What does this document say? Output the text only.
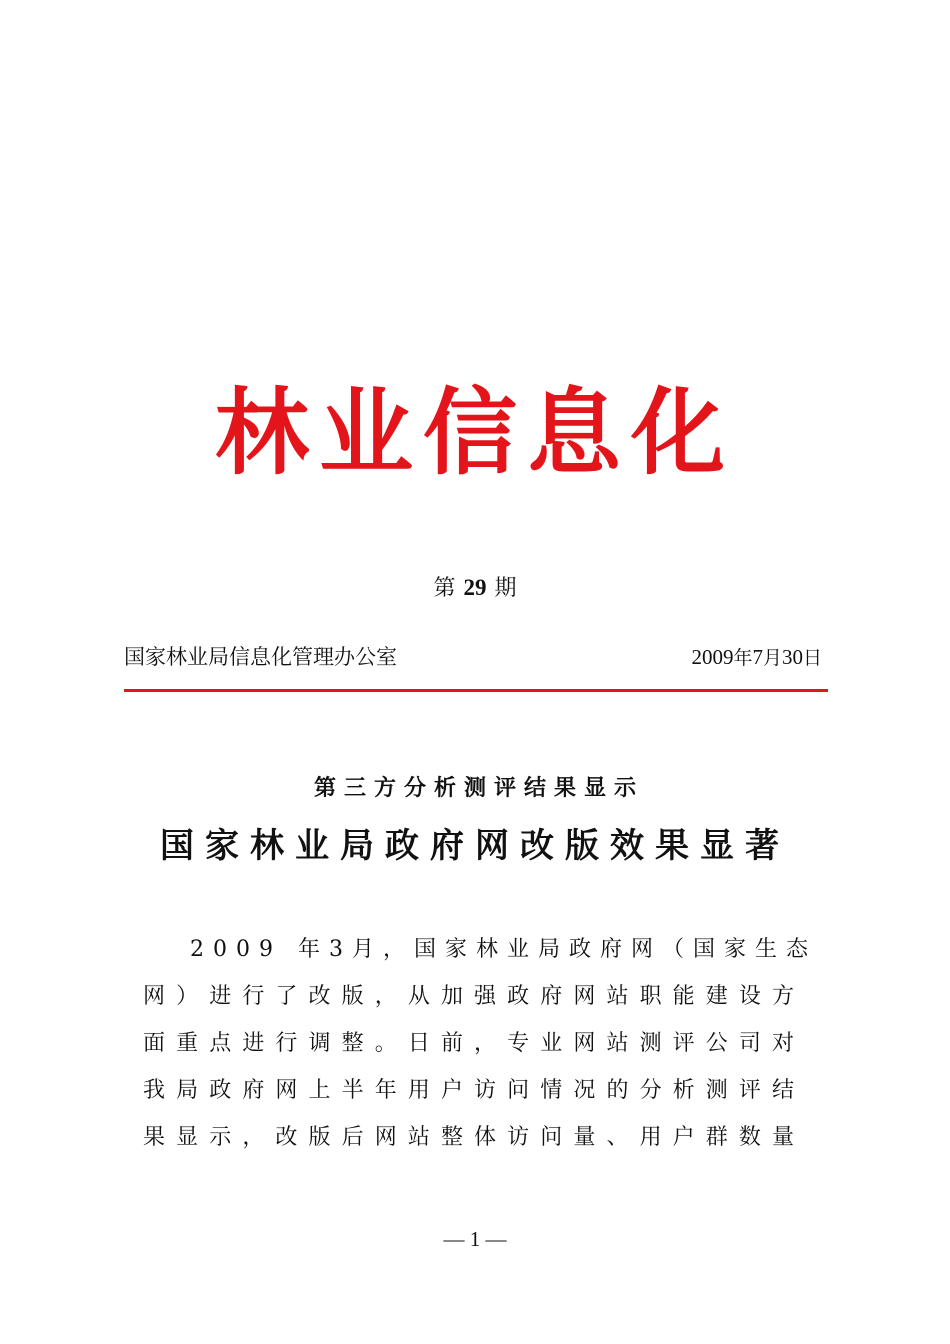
林业信息化
第 29 期
国家林业局信息化管理办公室	2009年7月30日
第三方分析测评结果显示
国家林业局政府网改版效果显著
2009 年3月，国家林业局政府网（国家生态
网）进行了改版，从加强政府网站职能建设方
面重点进行调整。日前，专业网站测评公司对
我局政府网上半年用户访问情况的分析测评结
果显示，改版后网站整体访问量、用户群数量
— 1 —
